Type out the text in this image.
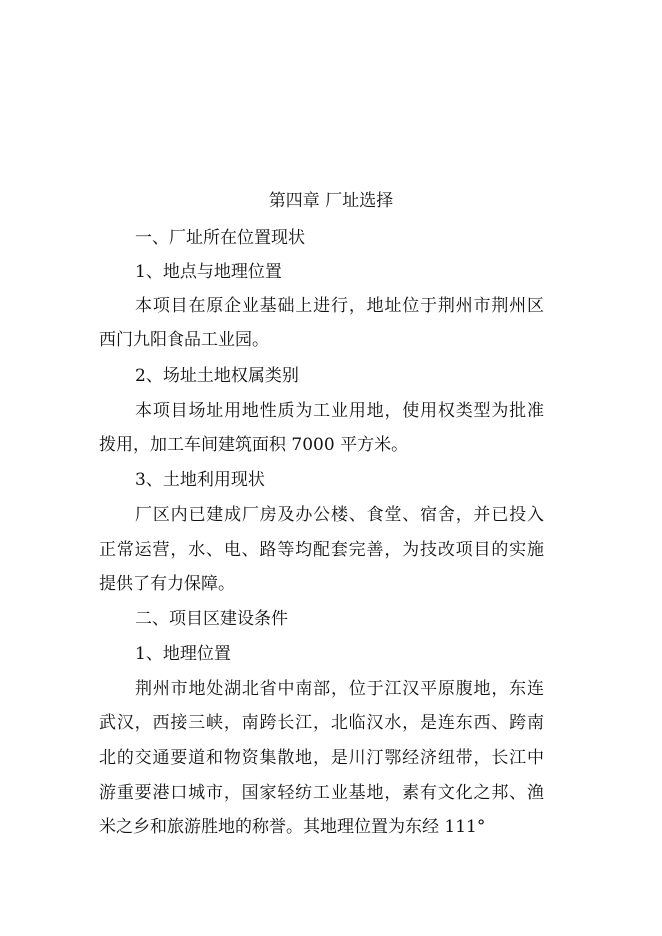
第四章 厂址选择
一、厂址所在位置现状
1、地点与地理位置
本项目在原企业基础上进行，地址位于荆州市荆州区
西门九阳食品工业园。
2、场址土地权属类别
本项目场址用地性质为工业用地，使用权类型为批准
拨用，加工车间建筑面积 7000 平方米。
3、土地利用现状
厂区内已建成厂房及办公楼、食堂、宿舍，并已投入
正常运营，水、电、路等均配套完善，为技改项目的实施
提供了有力保障。
二、项目区建设条件
1、地理位置
荆州市地处湖北省中南部，位于江汉平原腹地，东连
武汉，西接三峡，南跨长江，北临汉水，是连东西、跨南
北的交通要道和物资集散地，是川汀鄂经济纽带，长江中
游重要港口城市，国家轻纺工业基地，素有文化之邦、渔
米之乡和旅游胜地的称誉。其地理位置为东经 111°
